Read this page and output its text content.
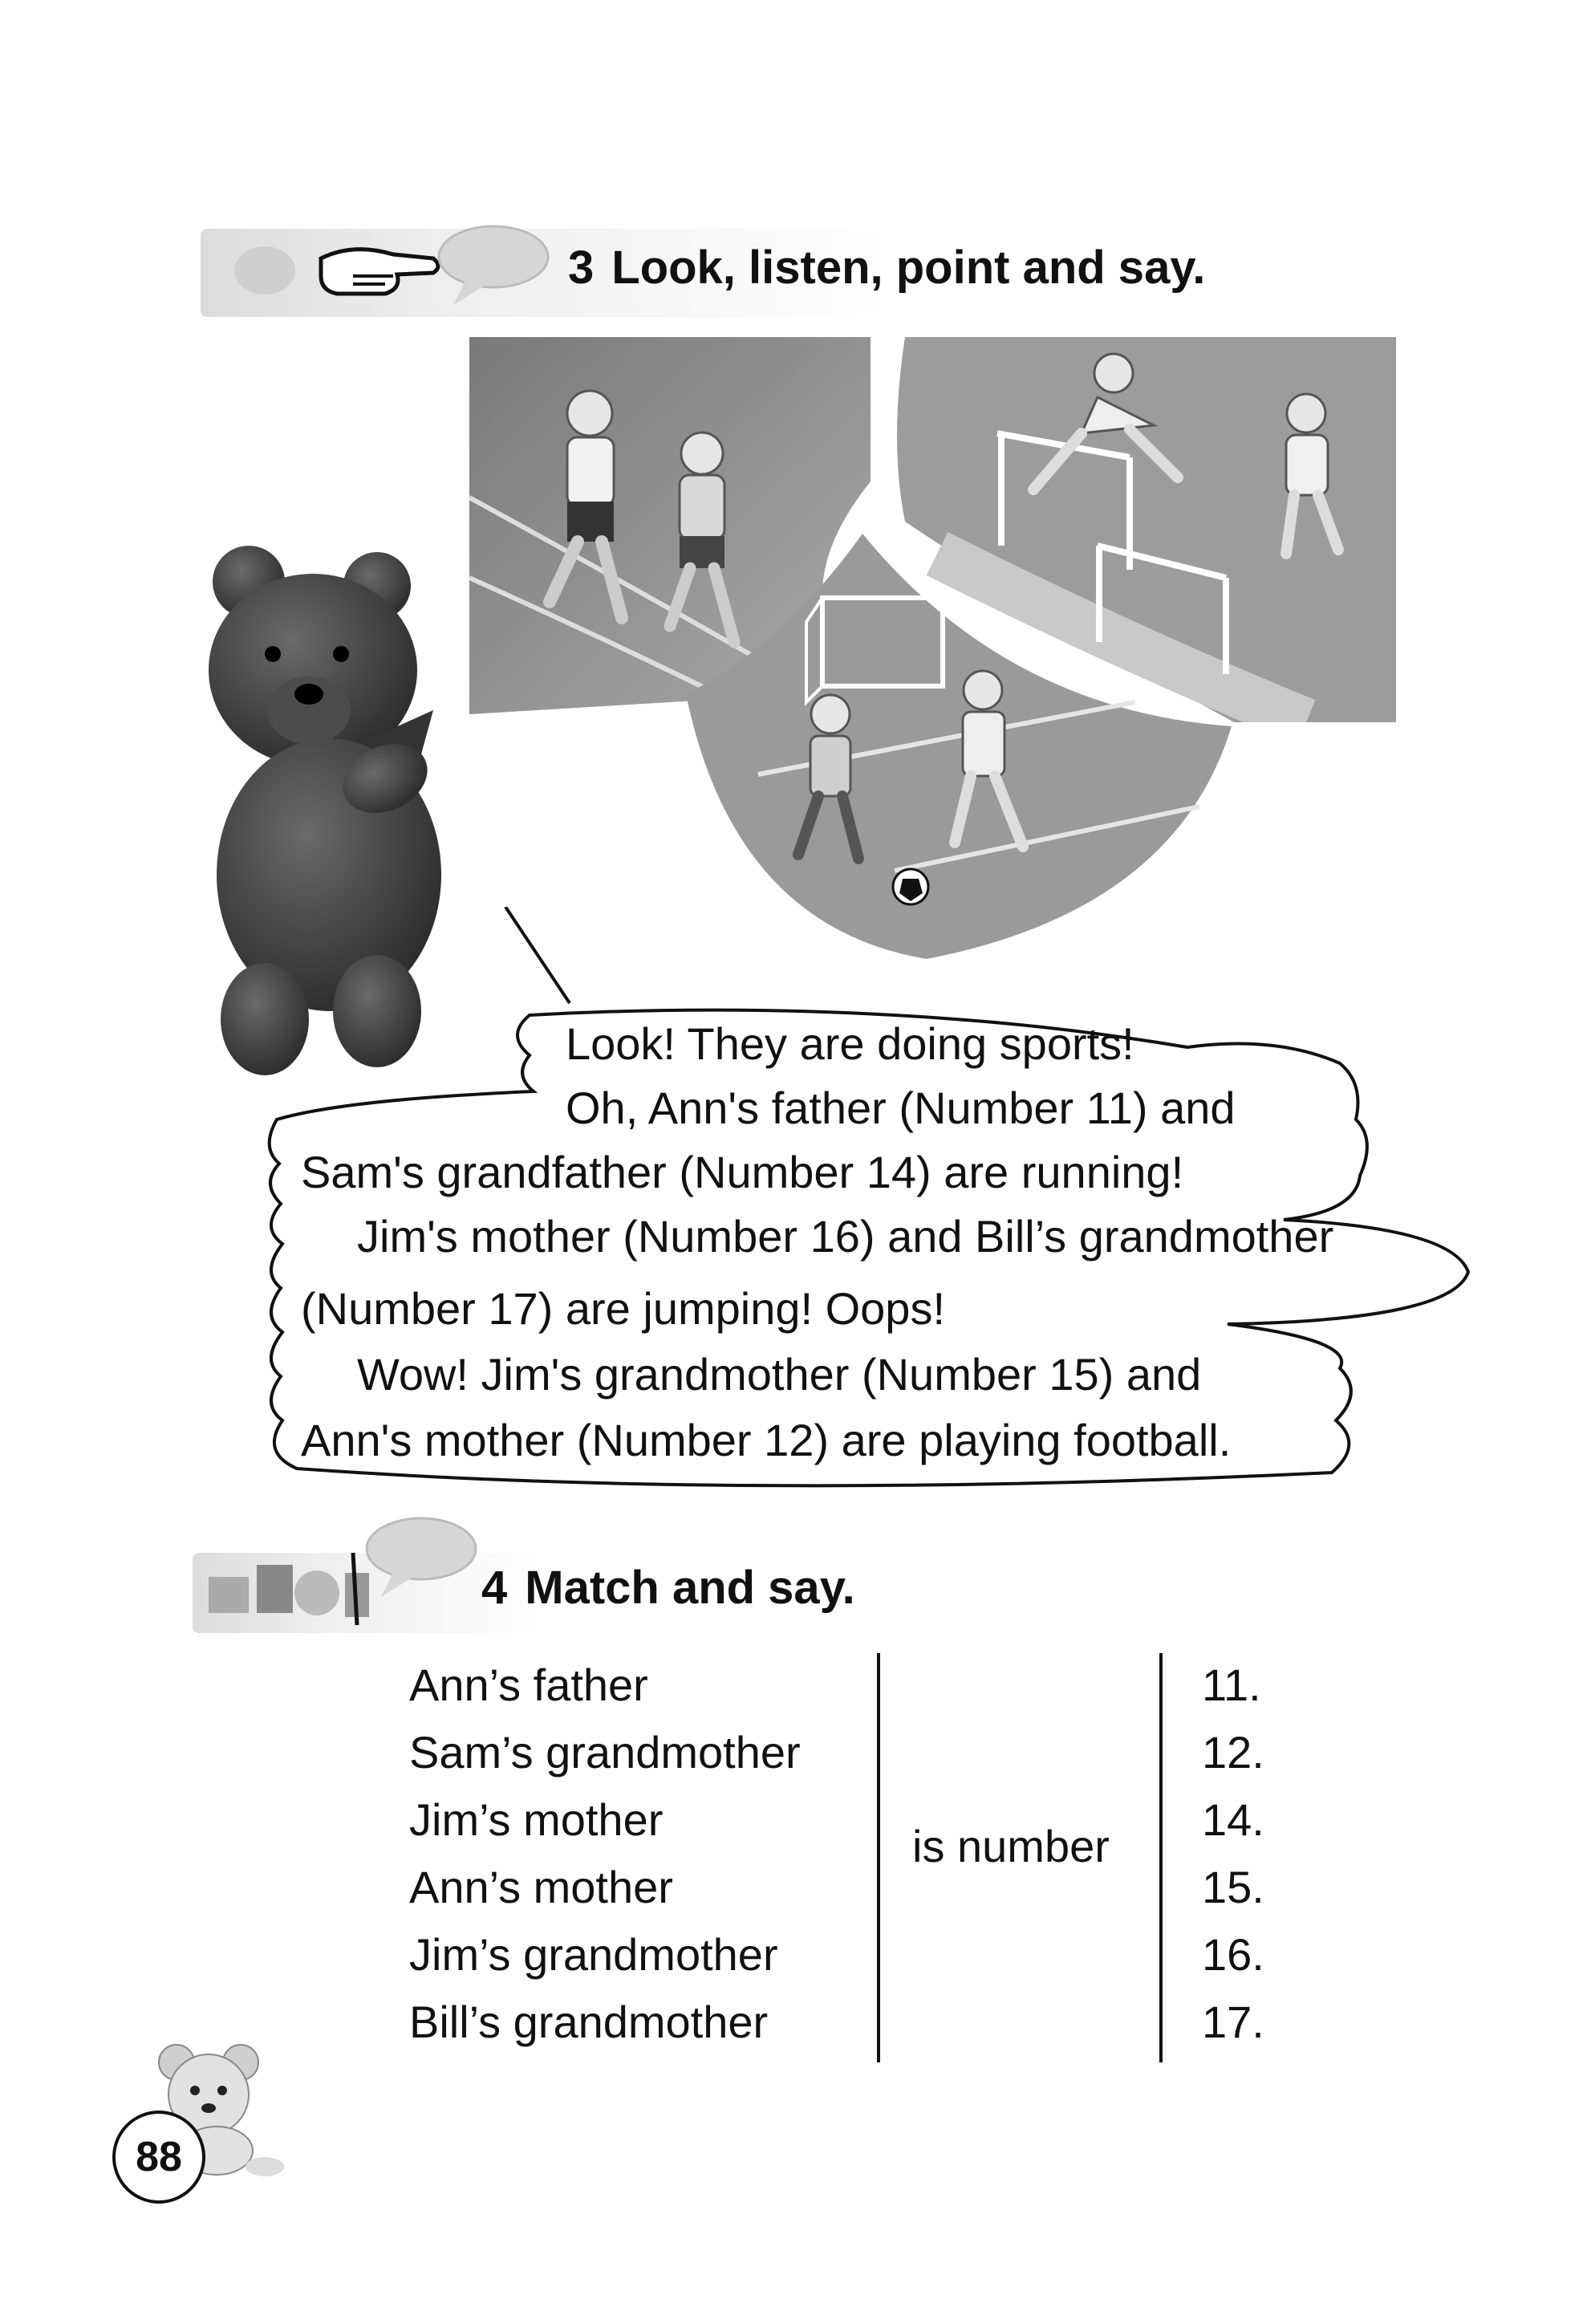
3 Look, listen, point and say.
Look! They are doing sports!
Oh, Ann's father (Number 11) and
Sam's grandfather (Number 14) are running!
Jim's mother (Number 16) and Bill’s grandmother
(Number 17) are jumping! Oops!
Wow! Jim's grandmother (Number 15) and
Ann's mother (Number 12) are playing football.
4 Match and say.
Ann’s father
Sam’s grandmother
Jim’s mother
Ann’s mother
Jim’s grandmother
Bill’s grandmother
is number
11.
12.
14.
15.
16.
17.
88
